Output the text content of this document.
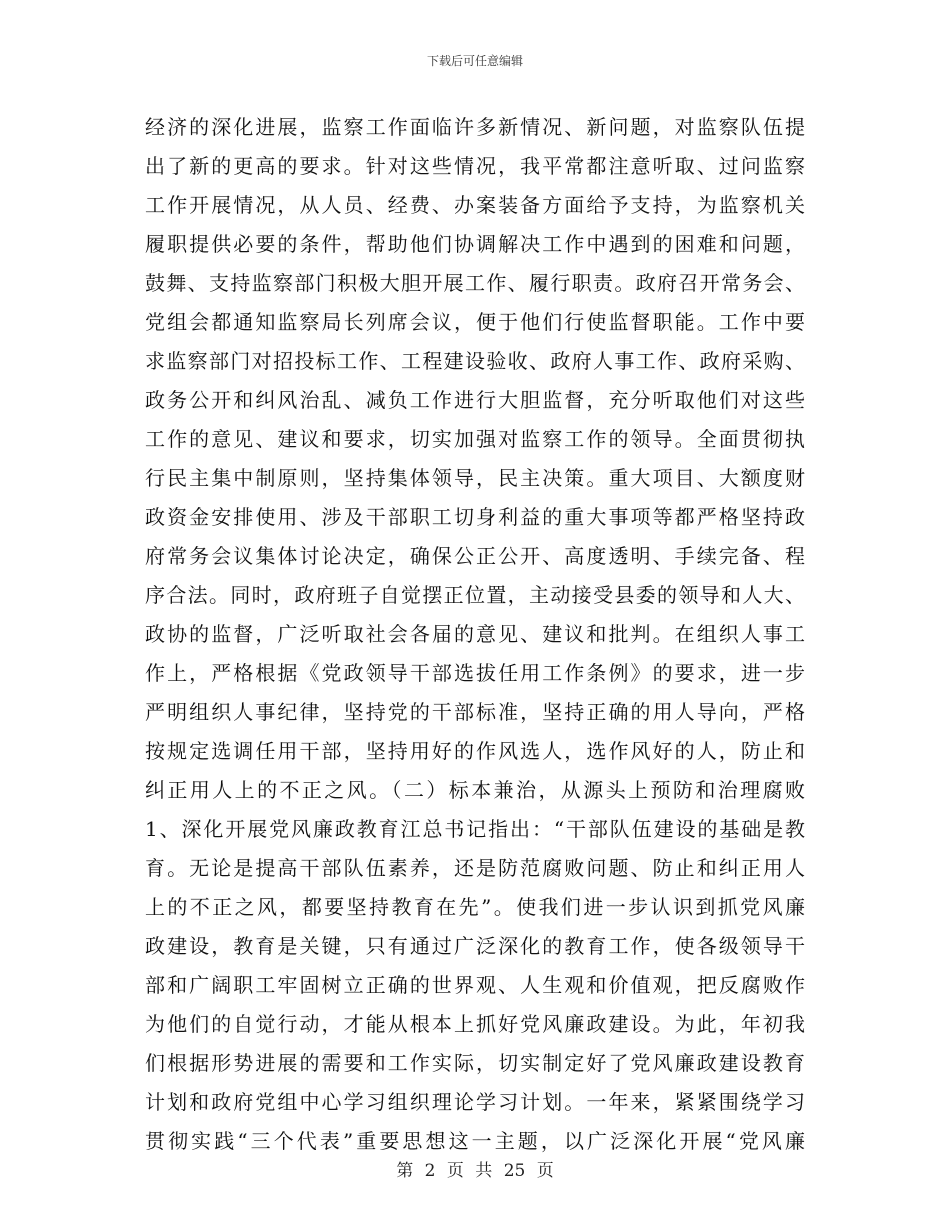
下载后可任意编辑
经济的深化进展，监察工作面临许多新情况、新问题，对监察队伍提
出了新的更高的要求。针对这些情况，我平常都注意听取、过问监察
工作开展情况，从人员、经费、办案装备方面给予支持，为监察机关
履职提供必要的条件，帮助他们协调解决工作中遇到的困难和问题，
鼓舞、支持监察部门积极大胆开展工作、履行职责。政府召开常务会、
党组会都通知监察局长列席会议，便于他们行使监督职能。工作中要
求监察部门对招投标工作、工程建设验收、政府人事工作、政府采购、
政务公开和纠风治乱、减负工作进行大胆监督，充分听取他们对这些
工作的意见、建议和要求，切实加强对监察工作的领导。全面贯彻执
行民主集中制原则，坚持集体领导，民主决策。重大项目、大额度财
政资金安排使用、涉及干部职工切身利益的重大事项等都严格坚持政
府常务会议集体讨论决定，确保公正公开、高度透明、手续完备、程
序合法。同时，政府班子自觉摆正位置，主动接受县委的领导和人大、
政协的监督，广泛听取社会各届的意见、建议和批判。在组织人事工
作上，严格根据《党政领导干部选拔任用工作条例》的要求，进一步
严明组织人事纪律，坚持党的干部标准，坚持正确的用人导向，严格
按规定选调任用干部，坚持用好的作风选人，选作风好的人，防止和
纠正用人上的不正之风。（二）标本兼治，从源头上预防和治理腐败
1、深化开展党风廉政教育江总书记指出：“干部队伍建设的基础是教
育。无论是提高干部队伍素养，还是防范腐败问题、防止和纠正用人
上的不正之风，都要坚持教育在先”。使我们进一步认识到抓党风廉
政建设，教育是关键，只有通过广泛深化的教育工作，使各级领导干
部和广阔职工牢固树立正确的世界观、人生观和价值观，把反腐败作
为他们的自觉行动，才能从根本上抓好党风廉政建设。为此，年初我
们根据形势进展的需要和工作实际，切实制定好了党风廉政建设教育
计划和政府党组中心学习组织理论学习计划。一年来，紧紧围绕学习
贯彻实践“三个代表”重要思想这一主题，以广泛深化开展“党风廉
第 2 页 共 25 页
